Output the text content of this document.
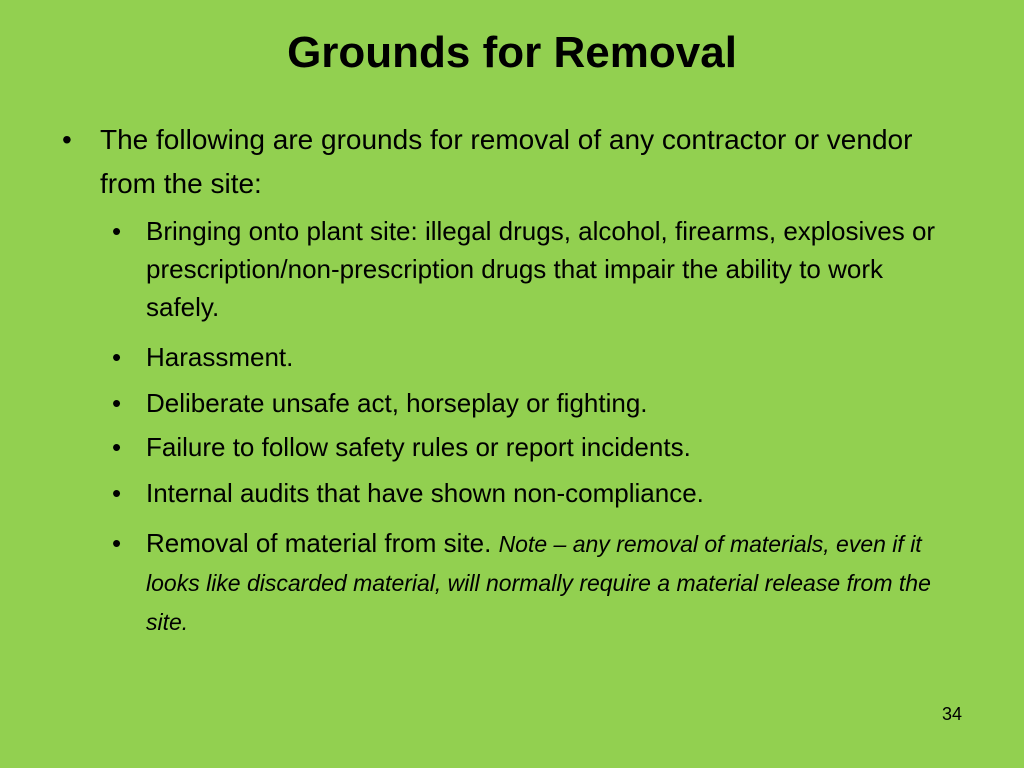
Grounds for Removal
• The following are grounds for removal of any contractor or vendor from the site:
• Bringing onto plant site: illegal drugs, alcohol, firearms, explosives or prescription/non-prescription drugs that impair the ability to work safely.
• Harassment.
• Deliberate unsafe act, horseplay or fighting.
• Failure to follow safety rules or report incidents.
• Internal audits that have shown non-compliance.
• Removal of material from site. Note – any removal of materials, even if it looks like discarded material, will normally require a material release from the site.
34
